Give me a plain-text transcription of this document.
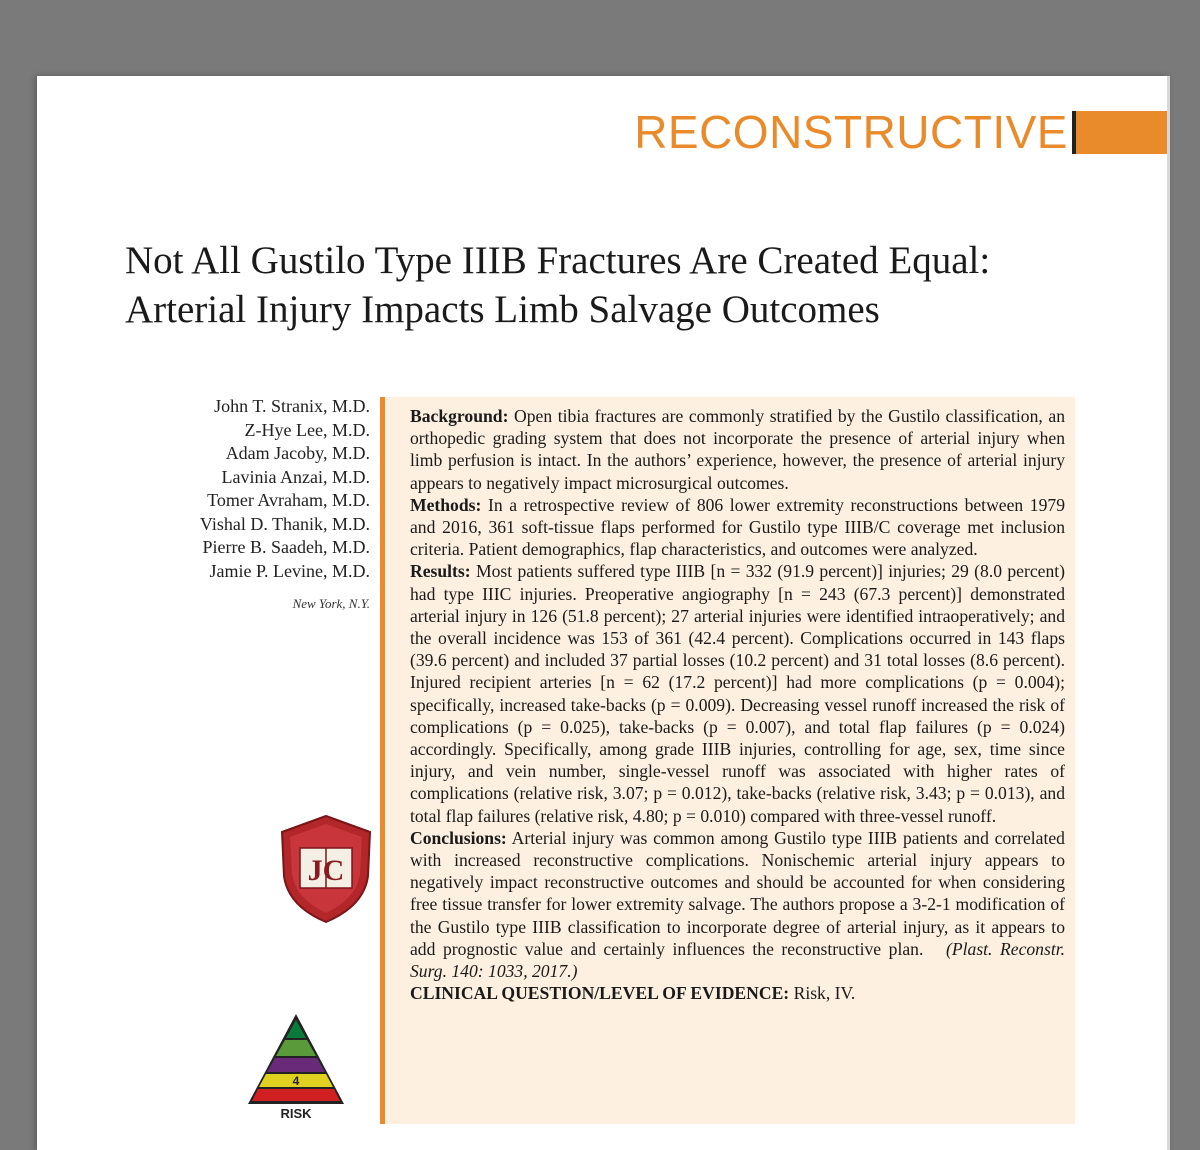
RECONSTRUCTIVE
Not All Gustilo Type IIIB Fractures Are Created Equal: Arterial Injury Impacts Limb Salvage Outcomes
John T. Stranix, M.D.
Z-Hye Lee, M.D.
Adam Jacoby, M.D.
Lavinia Anzai, M.D.
Tomer Avraham, M.D.
Vishal D. Thanik, M.D.
Pierre B. Saadeh, M.D.
Jamie P. Levine, M.D.
New York, N.Y.

Background: Open tibia fractures are commonly stratified by the Gustilo classification, an orthopedic grading system that does not incorporate the presence of arterial injury when limb perfusion is intact. In the authors’ experience, however, the presence of arterial injury appears to negatively impact microsurgical outcomes.

Methods: In a retrospective review of 806 lower extremity reconstructions between 1979 and 2016, 361 soft-tissue flaps performed for Gustilo type IIIB/C coverage met inclusion criteria. Patient demographics, flap characteristics, and outcomes were analyzed.

Results: Most patients suffered type IIIB [n = 332 (91.9 percent)] injuries; 29 (8.0 percent) had type IIIC injuries. Preoperative angiography [n = 243 (67.3 percent)] demonstrated arterial injury in 126 (51.8 percent); 27 arterial injuries were identified intraoperatively; and the overall incidence was 153 of 361 (42.4 percent). Complications occurred in 143 flaps (39.6 percent) and included 37 partial losses (10.2 percent) and 31 total losses (8.6 percent). Injured recipient arteries [n = 62 (17.2 percent)] had more complications (p = 0.004); specifically, increased take-backs (p = 0.009). Decreasing vessel runoff increased the risk of complications (p = 0.025), take-backs (p = 0.007), and total flap failures (p = 0.024) accordingly. Specifically, among grade IIIB injuries, controlling for age, sex, time since injury, and vein number, single-vessel runoff was associated with higher rates of complications (relative risk, 3.07; p = 0.012), take-backs (relative risk, 3.43; p = 0.013), and total flap failures (relative risk, 4.80; p = 0.010) compared with three-vessel runoff.

Conclusions: Arterial injury was common among Gustilo type IIIB patients and correlated with increased reconstructive complications. Nonischemic arterial injury appears to negatively impact reconstructive outcomes and should be accounted for when considering free tissue transfer for lower extremity salvage. The authors propose a 3-2-1 modification of the Gustilo type IIIB classification to incorporate degree of arterial injury, as it appears to add prognostic value and certainly influences the reconstructive plan. (Plast. Reconstr. Surg. 140: 1033, 2017.)

CLINICAL QUESTION/LEVEL OF EVIDENCE: Risk, IV.

JC
4
RISK
